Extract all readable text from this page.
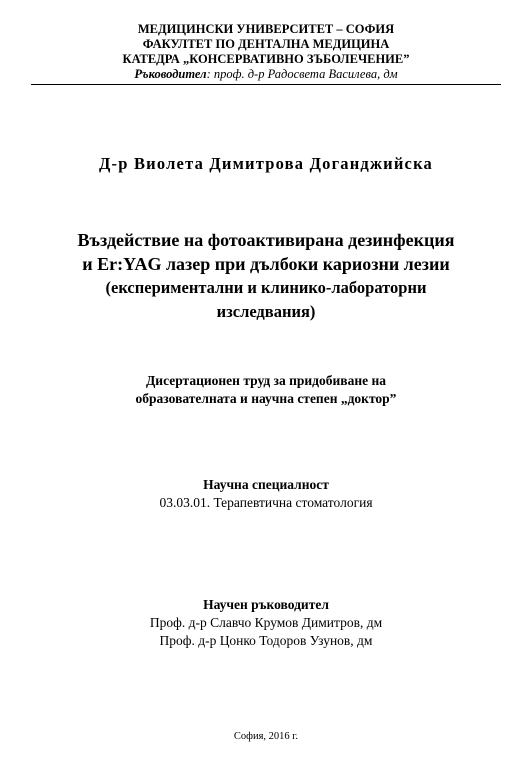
МЕДИЦИНСКИ УНИВЕРСИТЕТ – СОФИЯ
ФАКУЛТЕТ ПО ДЕНТАЛНА МЕДИЦИНА
КАТЕДРА „КОНСЕРВАТИВНО ЗЪБОЛЕЧЕНИЕ”
Ръководител: проф. д-р Радосвета Василева, дм
Д-р Виолета Димитрова Доганджийска
Въздействие на фотоактивирана дезинфекция
и Er:YAG лазер при дълбоки кариозни лезии
(експериментални и клинико-лабораторни
изследвания)
Дисертационен труд за придобиване на
образователната и научна степен „доктор”
Научна специалност
03.03.01. Терапевтична стоматология
Научен ръководител
Проф. д-р Славчо Крумов Димитров, дм
Проф. д-р Цонко Тодоров Узунов, дм
София, 2016 г.
